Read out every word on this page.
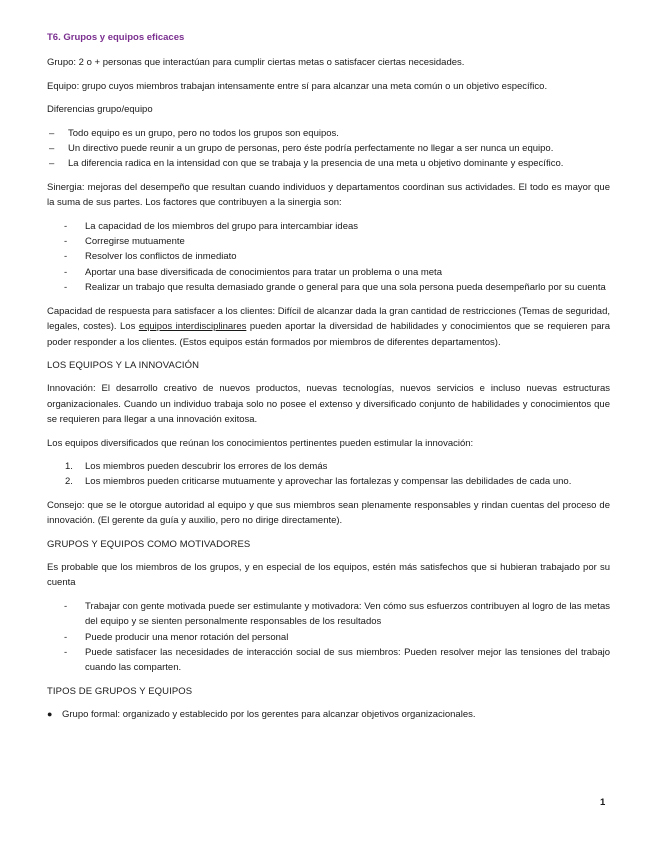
T6. Grupos y equipos eficaces

Grupo: 2 o + personas que interactúan para cumplir ciertas metas o satisfacer ciertas necesidades.

Equipo: grupo cuyos miembros trabajan intensamente entre sí para alcanzar una meta común o un objetivo específico.

Diferencias grupo/equipo

– Todo equipo es un grupo, pero no todos los grupos son equipos.
– Un directivo puede reunir a un grupo de personas, pero éste podría perfectamente no llegar a ser nunca un equipo.
– La diferencia radica en la intensidad con que se trabaja y la presencia de una meta u objetivo dominante y específico.

Sinergia: mejoras del desempeño que resultan cuando individuos y departamentos coordinan sus actividades. El todo es mayor que la suma de sus partes. Los factores que contribuyen a la sinergia son:

- La capacidad de los miembros del grupo para intercambiar ideas
- Corregirse mutuamente
- Resolver los conflictos de inmediato
- Aportar una base diversificada de conocimientos para tratar un problema o una meta
- Realizar un trabajo que resulta demasiado grande o general para que una sola persona pueda desempeñarlo por su cuenta

Capacidad de respuesta para satisfacer a los clientes: Difícil de alcanzar dada la gran cantidad de restricciones (Temas de seguridad, legales, costes). Los equipos interdisciplinares pueden aportar la diversidad de habilidades y conocimientos que se requieren para poder responder a los clientes. (Estos equipos están formados por miembros de diferentes departamentos).

LOS EQUIPOS Y LA INNOVACIÓN

Innovación: El desarrollo creativo de nuevos productos, nuevas tecnologías, nuevos servicios e incluso nuevas estructuras organizacionales. Cuando un individuo trabaja solo no posee el extenso y diversificado conjunto de habilidades y conocimientos que se requieren para llegar a una innovación exitosa.

Los equipos diversificados que reúnan los conocimientos pertinentes pueden estimular la innovación:

1. Los miembros pueden descubrir los errores de los demás
2. Los miembros pueden criticarse mutuamente y aprovechar las fortalezas y compensar las debilidades de cada uno.

Consejo: que se le otorgue autoridad al equipo y que sus miembros sean plenamente responsables y rindan cuentas del proceso de innovación. (El gerente da guía y auxilio, pero no dirige directamente).

GRUPOS Y EQUIPOS COMO MOTIVADORES

Es probable que los miembros de los grupos, y en especial de los equipos, estén más satisfechos que si hubieran trabajado por su cuenta

- Trabajar con gente motivada puede ser estimulante y motivadora: Ven cómo sus esfuerzos contribuyen al logro de las metas del equipo y se sienten personalmente responsables de los resultados
- Puede producir una menor rotación del personal
- Puede satisfacer las necesidades de interacción social de sus miembros: Pueden resolver mejor las tensiones del trabajo cuando las comparten.

TIPOS DE GRUPOS Y EQUIPOS

● Grupo formal: organizado y establecido por los gerentes para alcanzar objetivos organizacionales.
1
